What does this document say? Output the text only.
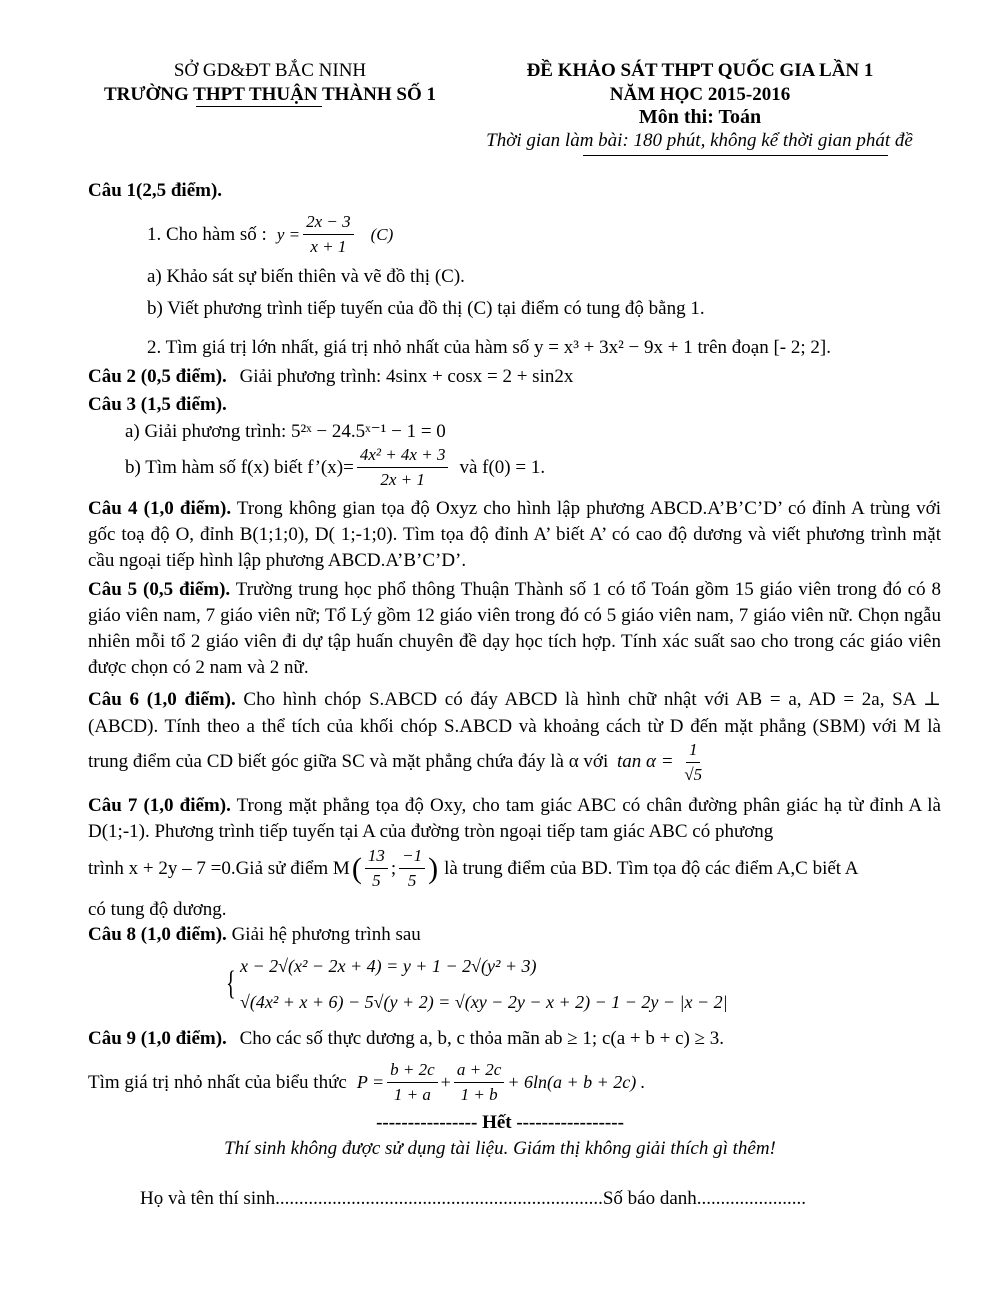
SỞ GD&ĐT BẮC NINH
TRƯỜNG THPT THUẬN THÀNH SỐ 1
ĐỀ KHẢO SÁT THPT QUỐC GIA LẦN 1
NĂM HỌC 2015-2016
Môn thi: Toán
Thời gian làm bài: 180 phút, không kể thời gian phát đề
Câu 1(2,5 điểm).
1. Cho hàm số : $y = \frac{2x - 3}{x + 1} (C)$
a) Khảo sát sự biến thiên và vẽ đồ thị (C).
b) Viết phương trình tiếp tuyến của đồ thị (C) tại điểm có tung độ bằng 1.
2. Tìm giá trị lớn nhất, giá trị nhỏ nhất của hàm số y = x³ + 3x² − 9x + 1 trên đoạn [- 2; 2].
Câu 2 (0,5 điểm). Giải phương trình: 4sinx + cosx = 2 + sin2x
Câu 3 (1,5 điểm).
a) Giải phương trình: 5²ˣ − 24.5ˣ⁻¹ − 1 = 0
b) Tìm hàm số f(x) biết f’(x)= $\frac{\text{4x² + 4x + 3}}{2x + 1}$ và f(0) = 1.
Câu 4 (1,0 điểm). Trong không gian tọa độ Oxyz cho hình lập phương ABCD.A’B’C’D’ có đỉnh A trùng với gốc toạ độ O, đỉnh B(1;1;0), D( 1;-1;0). Tìm tọa độ đỉnh A’ biết A’ có cao độ dương và viết phương trình mặt cầu ngoại tiếp hình lập phương ABCD.A’B’C’D’.
Câu 5 (0,5 điểm). Trường trung học phổ thông Thuận Thành số 1 có tổ Toán gồm 15 giáo viên trong đó có 8 giáo viên nam, 7 giáo viên nữ; Tổ Lý gồm 12 giáo viên trong đó có 5 giáo viên nam, 7 giáo viên nữ. Chọn ngẫu nhiên mỗi tổ 2 giáo viên đi dự tập huấn chuyên đề dạy học tích hợp. Tính xác suất sao cho trong các giáo viên được chọn có 2 nam và 2 nữ.
Câu 6 (1,0 điểm). Cho hình chóp S.ABCD có đáy ABCD là hình chữ nhật với AB = a, AD = 2a, SA ⊥ (ABCD). Tính theo a thể tích của khối chóp S.ABCD và khoảng cách từ D đến mặt phẳng (SBM) với M là trung điểm của CD biết góc giữa SC và mặt phẳng chứa đáy là α với $\tan \alpha = \frac{1}{√5}$
Câu 7 (1,0 điểm). Trong mặt phẳng tọa độ Oxy, cho tam giác ABC có chân đường phân giác hạ từ đỉnh A là D(1;-1). Phương trình tiếp tuyến tại A của đường tròn ngoại tiếp tam giác ABC có phương
trình x + 2y – 7 =0.Giả sử điểm M ( $\frac{13}{5}$ ; $\frac{-1}{5}$ ) là trung điểm của BD. Tìm tọa độ các điểm A,C biết A
có tung độ dương.
Câu 8 (1,0 điểm). Giải hệ phương trình sau
{ x − 2√(x² − 2x + 4) = y + 1 − 2√(y² + 3)
√(4x² + x + 6) − 5√(y + 2) = √(xy − 2y − x + 2) − 1 − 2y − |x − 2|
Câu 9 (1,0 điểm). Cho các số thực dương a, b, c thỏa mãn ab ≥ 1; c(a + b + c) ≥ 3.
Tìm giá trị nhỏ nhất của biểu thức $P = \frac{b + 2c}{1 + a} + \frac{a + 2c}{1 + b} + 6\ln(a + b + 2c)$ .
---------------- Hết -----------------
Thí sinh không được sử dụng tài liệu. Giám thị không giải thích gì thêm!
Họ và tên thí sinh.....................................................................Số báo danh.......................
